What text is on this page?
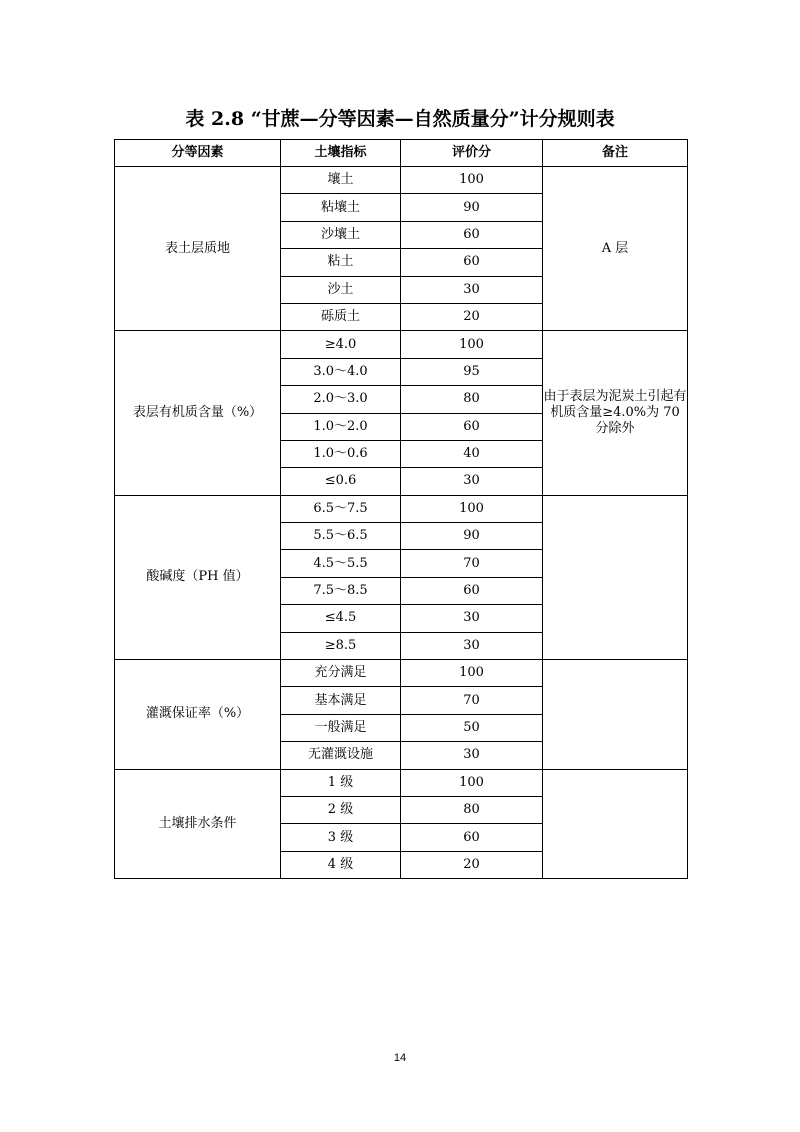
表 2.8 “甘蔗—分等因素—自然质量分”计分规则表
分等因素	土壤指标	评价分	备注
表土层质地	壤土	100	A 层
	粘壤土	90	
	沙壤土	60	
	粘土	60	
	沙土	30	
	砾质土	20	
表层有机质含量（%）	≥4.0	100	由于表层为泥炭土引起有机质含量≥4.0%为 70 分除外
	3.0～4.0	95	
	2.0～3.0	80	
	1.0～2.0	60	
	1.0～0.6	40	
	≤0.6	30	
酸碱度（PH 值）	6.5～7.5	100	
	5.5～6.5	90	
	4.5～5.5	70	
	7.5～8.5	60	
	≤4.5	30	
	≥8.5	30	
灌溉保证率（%）	充分满足	100	
	基本满足	70	
	一般满足	50	
	无灌溉设施	30	
土壤排水条件	1 级	100	
	2 级	80	
	3 级	60	
	4 级	20	
14
